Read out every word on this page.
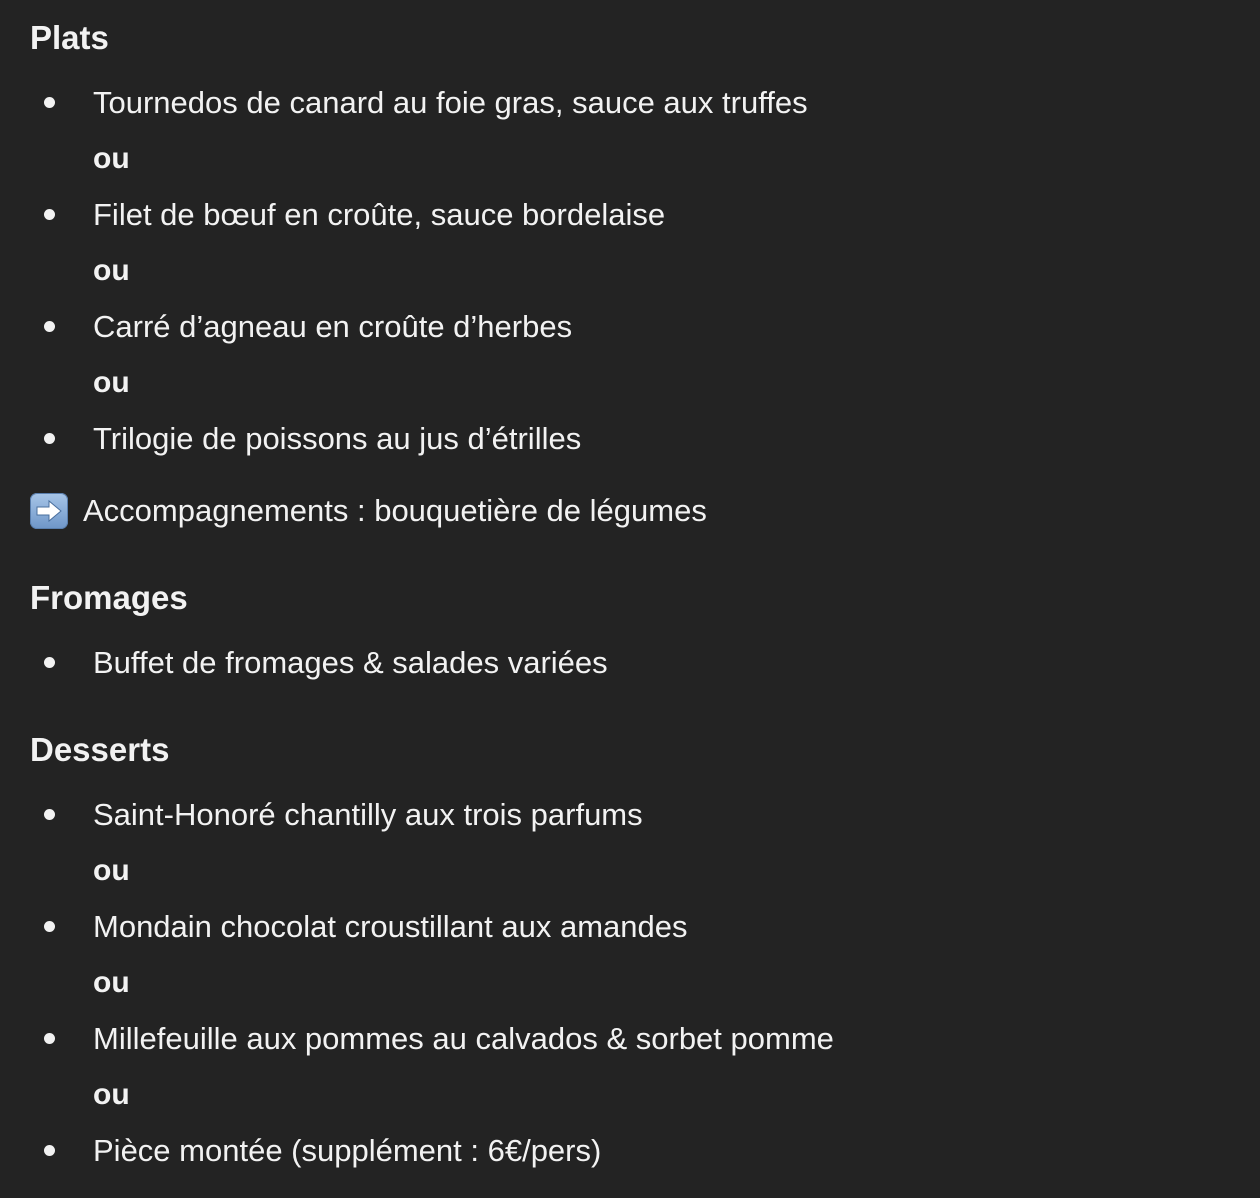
Plats
Tournedos de canard au foie gras, sauce aux truffes
ou
Filet de bœuf en croûte, sauce bordelaise
ou
Carré d’agneau en croûte d’herbes
ou
Trilogie de poissons au jus d’étrilles
Accompagnements : bouquetière de légumes
Fromages
Buffet de fromages & salades variées
Desserts
Saint-Honoré chantilly aux trois parfums
ou
Mondain chocolat croustillant aux amandes
ou
Millefeuille aux pommes au calvados & sorbet pomme
ou
Pièce montée (supplément : 6€/pers)
